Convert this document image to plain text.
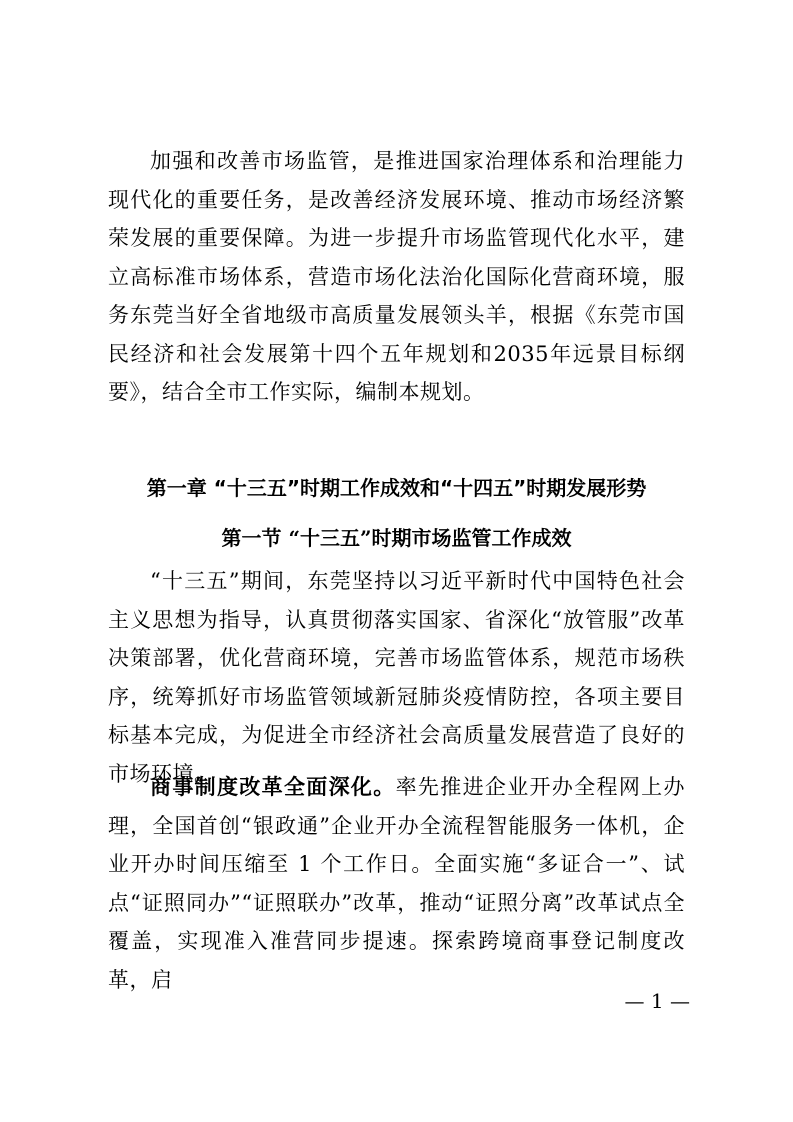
加强和改善市场监管，是推进国家治理体系和治理能力现代化的重要任务，是改善经济发展环境、推动市场经济繁荣发展的重要保障。为进一步提升市场监管现代化水平，建立高标准市场体系，营造市场化法治化国际化营商环境，服务东莞当好全省地级市高质量发展领头羊，根据《东莞市国民经济和社会发展第十四个五年规划和2035年远景目标纲要》，结合全市工作实际，编制本规划。

第一章 “十三五”时期工作成效和“十四五”时期发展形势
第一节 “十三五”时期市场监管工作成效

“十三五”期间，东莞坚持以习近平新时代中国特色社会主义思想为指导，认真贯彻落实国家、省深化“放管服”改革决策部署，优化营商环境，完善市场监管体系，规范市场秩序，统筹抓好市场监管领域新冠肺炎疫情防控，各项主要目标基本完成，为促进全市经济社会高质量发展营造了良好的市场环境。

商事制度改革全面深化。率先推进企业开办全程网上办理，全国首创“银政通”企业开办全流程智能服务一体机，企业开办时间压缩至 1 个工作日。全面实施“多证合一”、试点“证照同办”“证照联办”改革，推动“证照分离”改革试点全覆盖，实现准入准营同步提速。探索跨境商事登记制度改革，启

— 1 —
